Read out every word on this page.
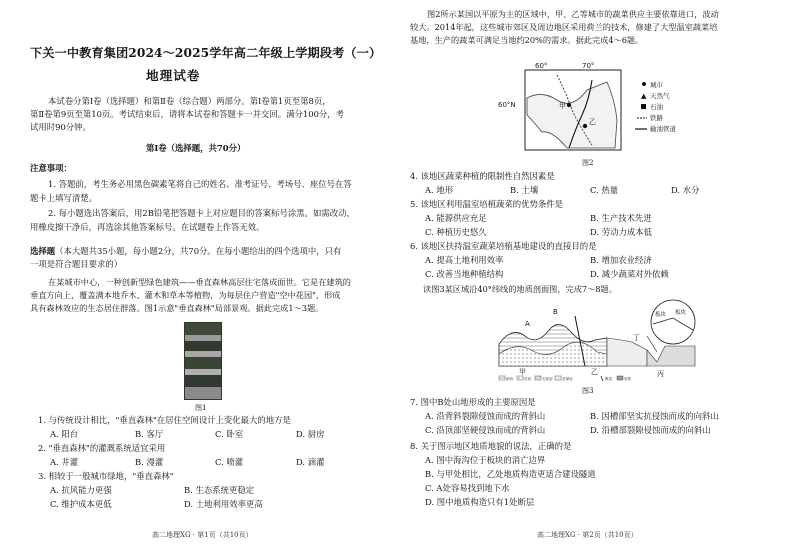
下关一中教育集团2024～2025学年高二年级上学期段考（一）
地理试卷
本试卷分第Ⅰ卷（选择题）和第Ⅱ卷（综合题）两部分。第Ⅰ卷第1页至第8页，
第Ⅱ卷第9页至第10页。考试结束后，请将本试卷和答题卡一并交回。满分100分，考
试用时90分钟。
第Ⅰ卷（选择题，共70分）
注意事项：
1. 答题前，考生务必用黑色碳素笔将自己的姓名、准考证号、考场号、座位号在答
题卡上填写清楚。
2. 每小题选出答案后，用2B铅笔把答题卡上对应题目的答案标号涂黑。如需改动，
用橡皮擦干净后，再选涂其他答案标号。在试题卷上作答无效。
选择题（本大题共35小题，每小题2分，共70分。在每小题给出的四个选项中，只有
一项是符合题目要求的）
在某城市中心，一种创新型绿色建筑——垂直森林高层住宅落成面世。它是在建筑的
垂直方向上，覆盖满本地乔木、灌木和草本等植物，为每层住户营造"空中花园"，形成
具有森林效应的生态居住群落。图1示意"垂直森林"局部景观。据此完成1～3题。
图1
1. 与传统设计相比，"垂直森林"在居住空间设计上变化最大的地方是
A. 阳台	B. 客厅	C. 卧室	D. 厨房
2. "垂直森林"的灌溉系统适宜采用
A. 井灌	B. 漫灌	C. 喷灌	D. 滴灌
3. 相较于一般城市绿地，"垂直森林"
A. 抗风能力更强	B. 生态系统更稳定
C. 维护成本更低	D. 土地利用效率更高
高二地理XG · 第1页（共10页）
图2所示某国以平原为主的区域中，甲、乙等城市的蔬菜供应主要依靠进口，波动
较大。2014年起，这些城市郊区及周边地区采用荷兰的技术，修建了大型温室蔬菜培
基地，生产的蔬菜可满足当地约20%的需求。据此完成4～6题。
60°	70°
60°N	甲
乙
城市
▲ 天然气
石油
铁路
输油管道
图2
4. 该地区蔬菜种植的限制性自然因素是
A. 地形	B. 土壤	C. 热量	D. 水分
5. 该地区利用温室培植蔬菜的优势条件是
A. 能源供应充足	B. 生产技术先进
C. 种植历史悠久	D. 劳动力成本低
6. 该地区扶持温室蔬菜培植基地建设的直接目的是
A. 提高土地利用效率	B. 增加农业经济
C. 改善当地种植结构	D. 减少蔬菜对外依赖
读图3某区域沿40°纬线的地质剖面图，完成7～8题。
A
B
甲	乙
丁
丙
板块 板块
砂岩	页岩	石灰岩	花岗岩	断层	岩浆
图3
7. 图中B处山地形成的主要原因是
A. 沿背斜裂隙侵蚀而成的背斜山	B. 因槽部坚实抗侵蚀而成的向斜山
C. 沿顶部坚硬侵蚀而成的背斜山	D. 沿槽部裂隙侵蚀而成的向斜山
8. 关于图示地区地质地貌的说法，正确的是
A. 图中海沟位于板块的消亡边界
B. 与甲处相比，乙处地质构造更适合建设隧道
C. A处容易找到地下水
D. 图中地质构造只有1处断层
高二地理XG · 第2页（共10页）
